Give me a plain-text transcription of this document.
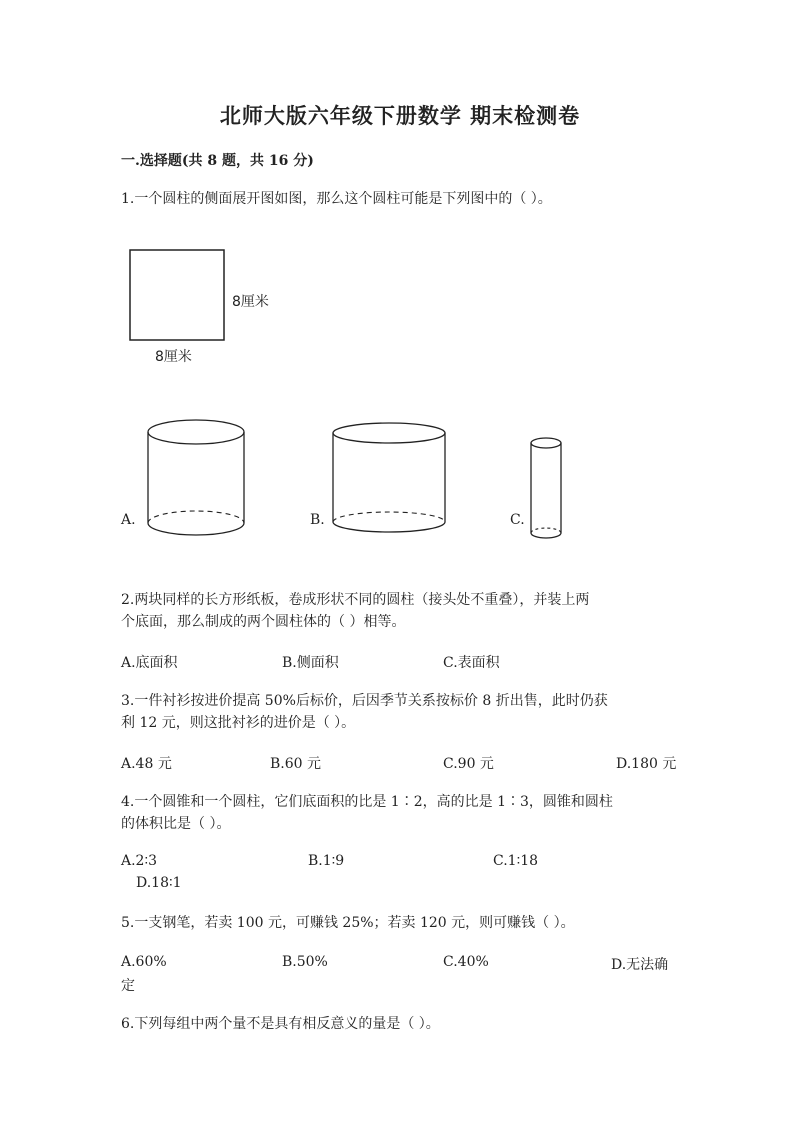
北师大版六年级下册数学 期末检测卷
一.选择题(共 8 题，共 16 分)
1.一个圆柱的侧面展开图如图，那么这个圆柱可能是下列图中的（ ）。
8厘米
8厘米
A.	B.	C.
2.两块同样的长方形纸板，卷成形状不同的圆柱（接头处不重叠），并装上两
个底面，那么制成的两个圆柱体的（ ）相等。
A.底面积	B.侧面积	C.表面积
3.一件衬衫按进价提高 50%后标价，后因季节关系按标价 8 折出售，此时仍获
利 12 元，则这批衬衫的进价是（ ）。
A.48 元	B.60 元	C.90 元	D.180 元
4.一个圆锥和一个圆柱，它们底面积的比是 1∶2，高的比是 1∶3，圆锥和圆柱
的体积比是（ ）。
A.2∶3	B.1∶9	C.1∶18
D.18∶1
5.一支钢笔，若卖 100 元，可赚钱 25%；若卖 120 元，则可赚钱（ ）。
A.60%	B.50%	C.40%	D.无法确
定
6.下列每组中两个量不是具有相反意义的量是（ ）。
